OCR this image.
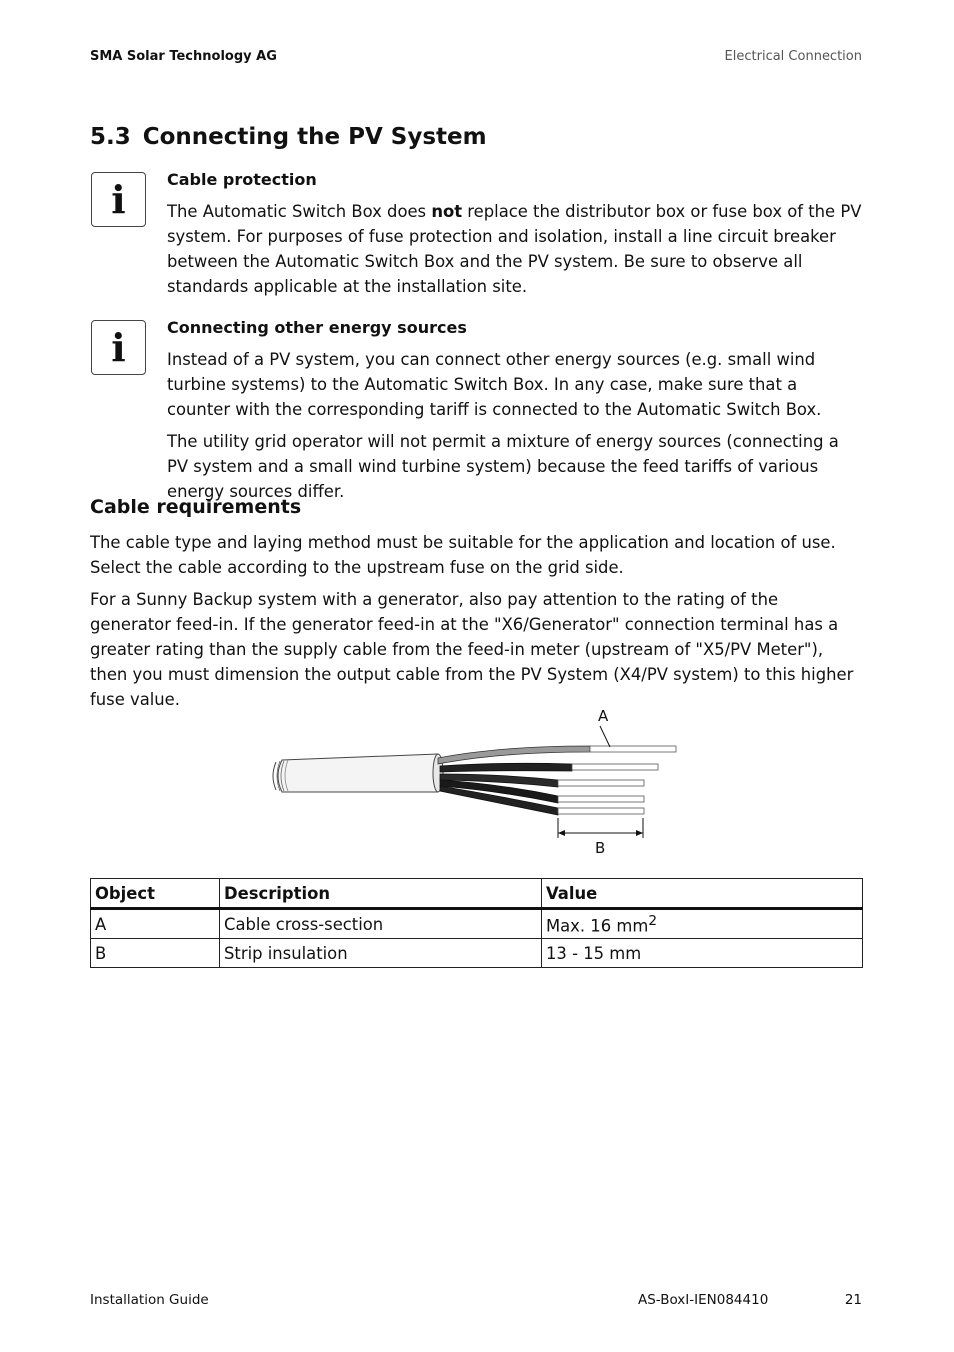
SMA Solar Technology AG	Electrical Connection
5.3 Connecting the PV System
i	Cable protection

The Automatic Switch Box does not replace the distributor box or fuse box of the PV system. For purposes of fuse protection and isolation, install a line circuit breaker between the Automatic Switch Box and the PV system. Be sure to observe all standards applicable at the installation site.

i	Connecting other energy sources

Instead of a PV system, you can connect other energy sources (e.g. small wind turbine systems) to the Automatic Switch Box. In any case, make sure that a counter with the corresponding tariff is connected to the Automatic Switch Box.

The utility grid operator will not permit a mixture of energy sources (connecting a PV system and a small wind turbine system) because the feed tariffs of various energy sources differ.

Cable requirements

The cable type and laying method must be suitable for the application and location of use. Select the cable according to the upstream fuse on the grid side.

For a Sunny Backup system with a generator, also pay attention to the rating of the generator feed-in. If the generator feed-in at the "X6/Generator" connection terminal has a greater rating than the supply cable from the feed-in meter (upstream of "X5/PV Meter"), then you must dimension the output cable from the PV System (X4/PV system) to this higher fuse value.

A
B
Object	Description	Value
A	Cable cross-section	Max. 16 $mm^2$
B	Strip insulation	13 - 15 mm
Installation Guide	AS-BoxI-IEN084410	21
